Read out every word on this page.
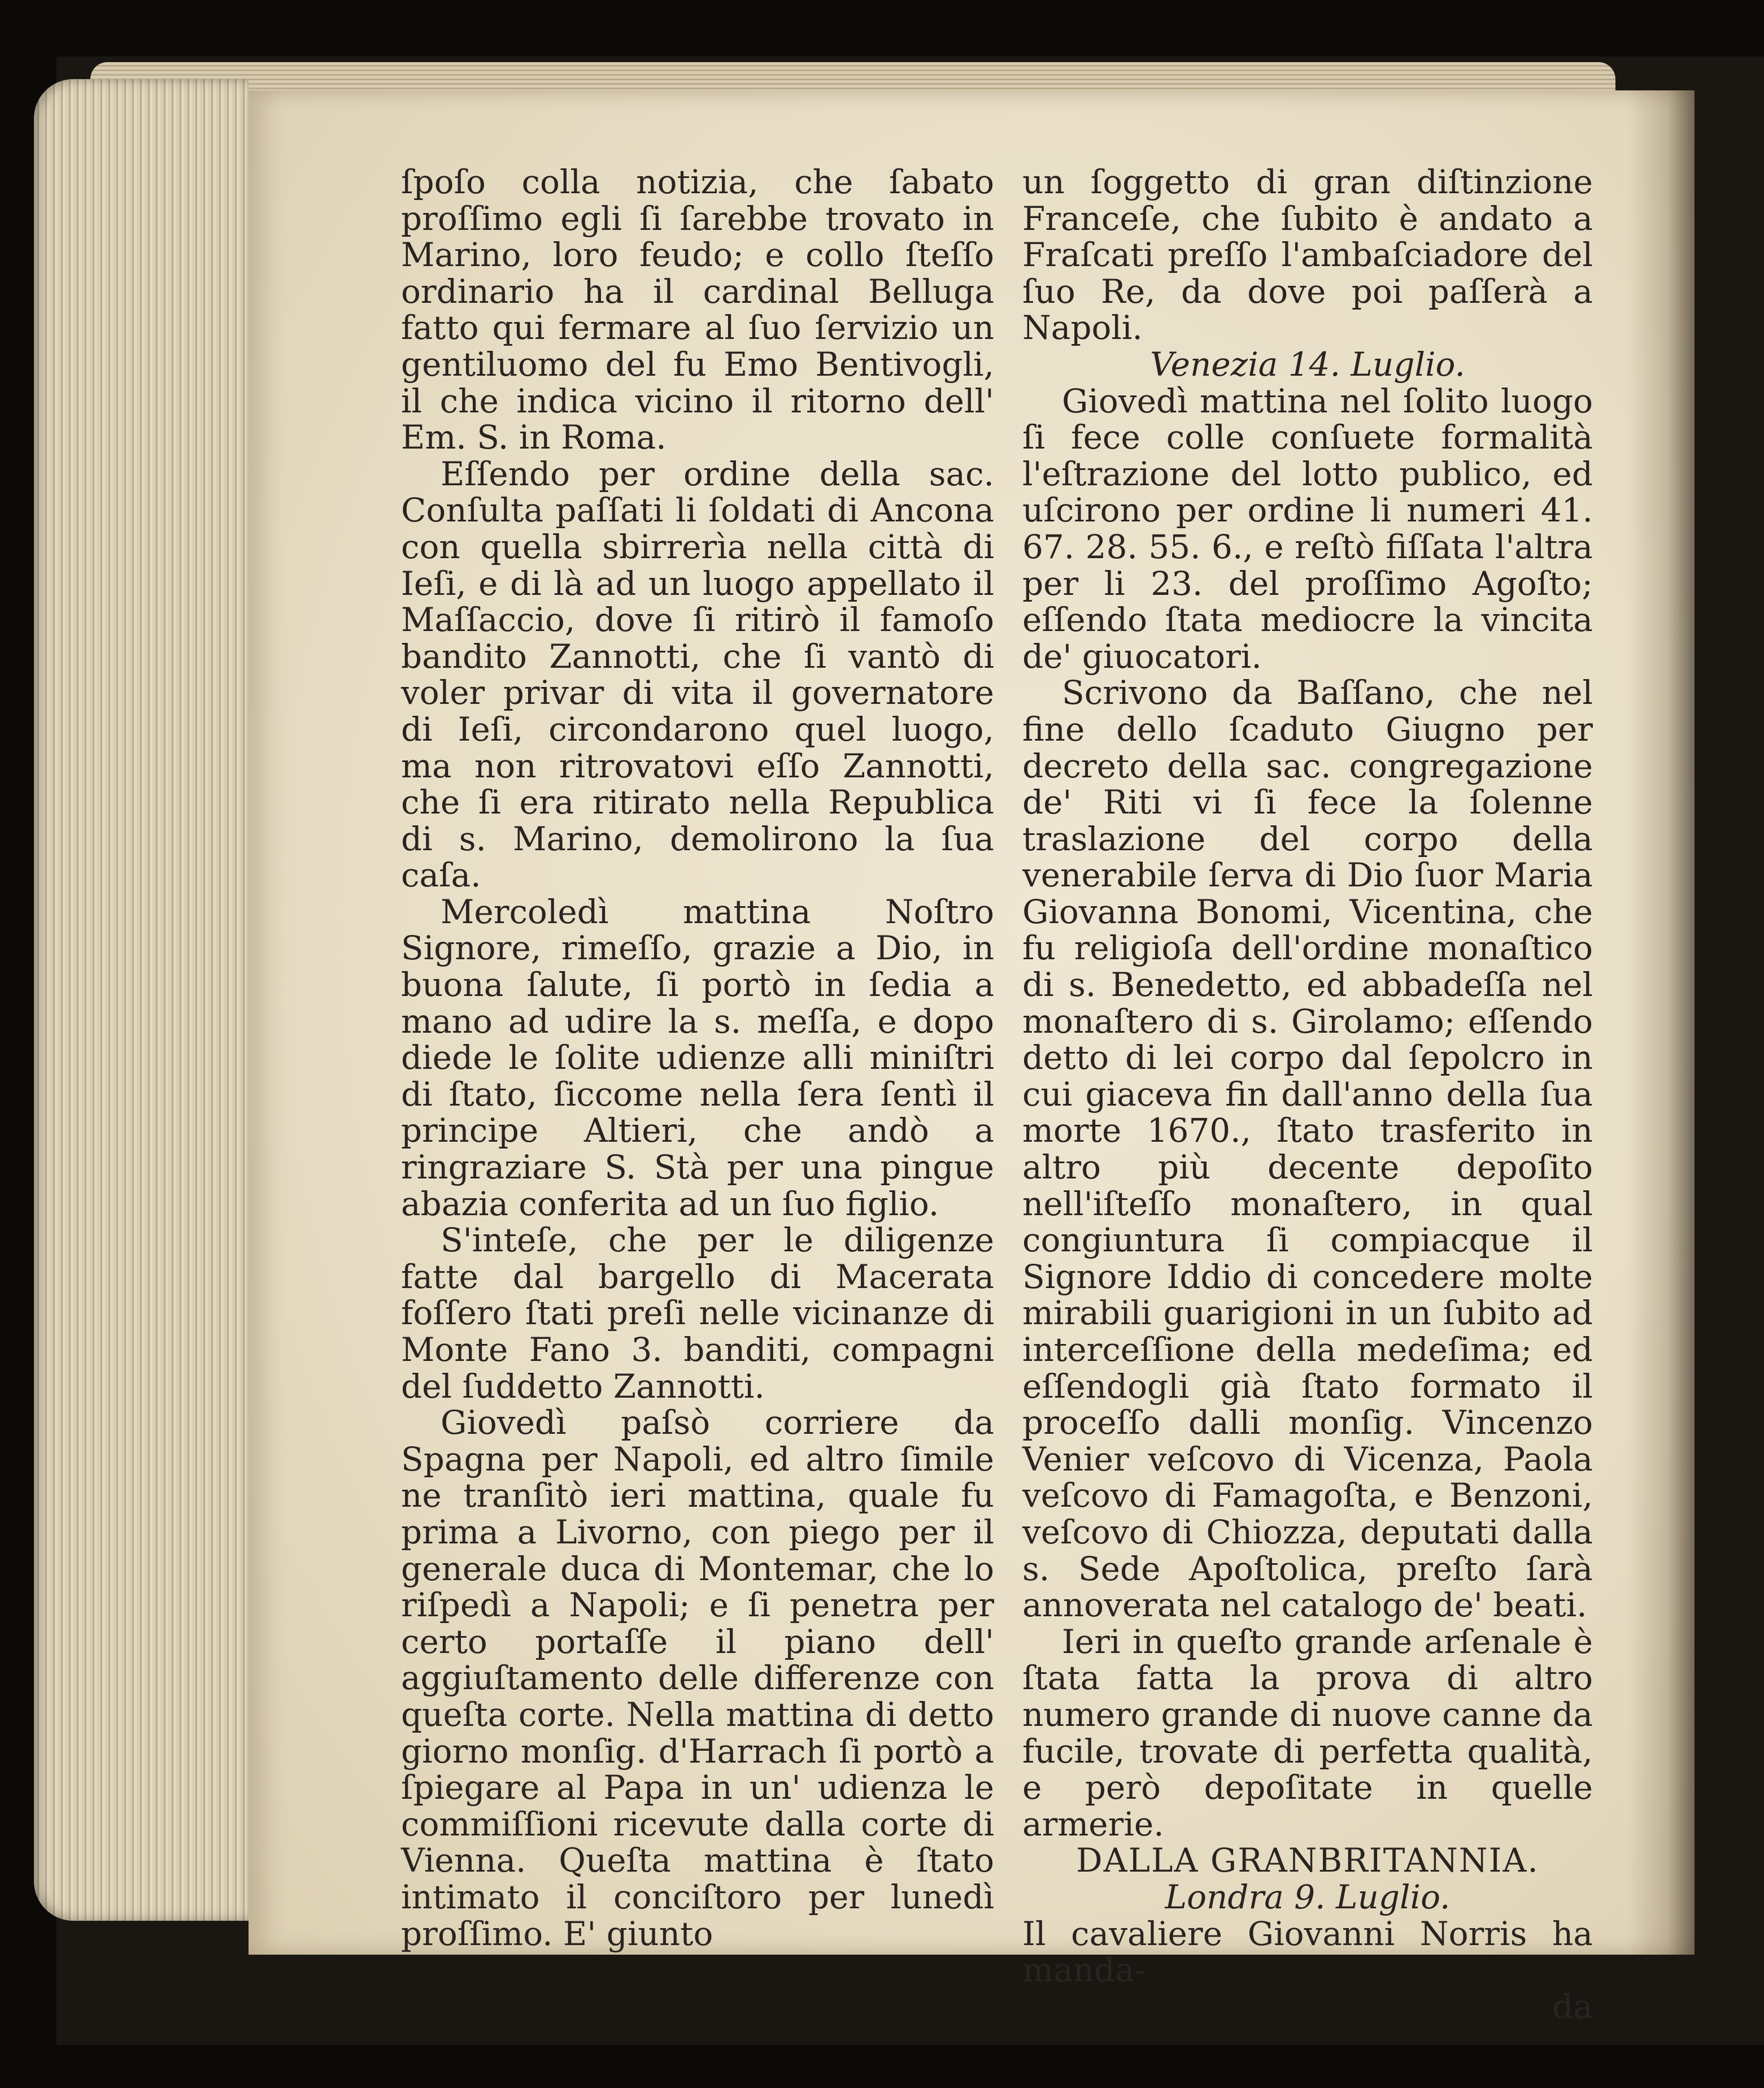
ſpoſo colla notizia, che ſabato proſſimo egli ſi ſarebbe trovato in Marino, loro feudo; e collo ſteſſo ordinario ha il cardinal Belluga fatto qui fermare al ſuo ſervizio un gentiluomo del fu Emo Bentivogli, il che indica vicino il ritorno dell' Em. S. in Roma.

Eſſendo per ordine della sac. Conſulta paſſati li ſoldati di Ancona con quella sbirrerìa nella città di Ieſi, e di là ad un luogo appellato il Maſſaccio, dove ſi ritirò il famoſo bandito Zannotti, che ſi vantò di voler privar di vita il governatore di Ieſi, circondarono quel luogo, ma non ritrovatovi eſſo Zannotti, che ſi era ritirato nella Republica di s. Marino, demolirono la ſua caſa.

Mercoledì mattina Noſtro Signore, rimeſſo, grazie a Dio, in buona ſalute, ſi portò in ſedia a mano ad udire la s. meſſa, e dopo diede le ſolite udienze alli miniſtri di ſtato, ſiccome nella ſera ſentì il principe Altieri, che andò a ringraziare S. Stà per una pingue abazia conferita ad un ſuo figlio.

S'inteſe, che per le diligenze fatte dal bargello di Macerata foſſero ſtati preſi nelle vicinanze di Monte Fano 3. banditi, compagni del ſuddetto Zannotti.

Giovedì paſsò corriere da Spagna per Napoli, ed altro ſimile ne tranſitò ieri mattina, quale fu prima a Livorno, con piego per il generale duca di Montemar, che lo riſpedì a Napoli; e ſi penetra per certo portaſſe il piano dell' aggiuſtamento delle differenze con queſta corte. Nella mattina di detto giorno monſig. d'Harrach ſi portò a ſpiegare al Papa in un' udienza le commiſſioni ricevute dalla corte di Vienna. Queſta mattina è ſtato intimato il conciſtoro per lunedì proſſimo. E' giunto

un ſoggetto di gran diſtinzione Franceſe, che ſubito è andato a Fraſcati preſſo l'ambaſciadore del ſuo Re, da dove poi paſſerà a Napoli.

Venezia 14. Luglio.

Giovedì mattina nel ſolito luogo ſi fece colle conſuete formalità l'eſtrazione del lotto publico, ed uſcirono per ordine li numeri 41. 67. 28. 55. 6., e reſtò fiſſata l'altra per li 23. del proſſimo Agoſto; eſſendo ſtata mediocre la vincita de' giuocatori.

Scrivono da Baſſano, che nel fine dello ſcaduto Giugno per decreto della sac. congregazione de' Riti vi ſi fece la ſolenne traslazione del corpo della venerabile ſerva di Dio ſuor Maria Giovanna Bonomi, Vicentina, che fu religioſa dell'ordine monaſtico di s. Benedetto, ed abbadeſſa nel monaſtero di s. Girolamo; eſſendo detto di lei corpo dal ſepolcro in cui giaceva fin dall'anno della ſua morte 1670., ſtato trasferito in altro più decente depoſito nell'iſteſſo monaſtero, in qual congiuntura ſi compiacque il Signore Iddio di concedere molte mirabili guarigioni in un ſubito ad interceſſione della medeſima; ed eſſendogli già ſtato formato il proceſſo dalli monſig. Vincenzo Venier veſcovo di Vicenza, Paola veſcovo di Famagoſta, e Benzoni, veſcovo di Chiozza, deputati dalla s. Sede Apoſtolica, preſto ſarà annoverata nel catalogo de' beati.

Ieri in queſto grande arſenale è ſtata fatta la prova di altro numero grande di nuove canne da fucile, trovate di perfetta qualità, e però depoſitate in quelle armerie.

DALLA GRANBRITANNIA.

Londra 9. Luglio.

Il cavaliere Giovanni Norris ha manda-

da
